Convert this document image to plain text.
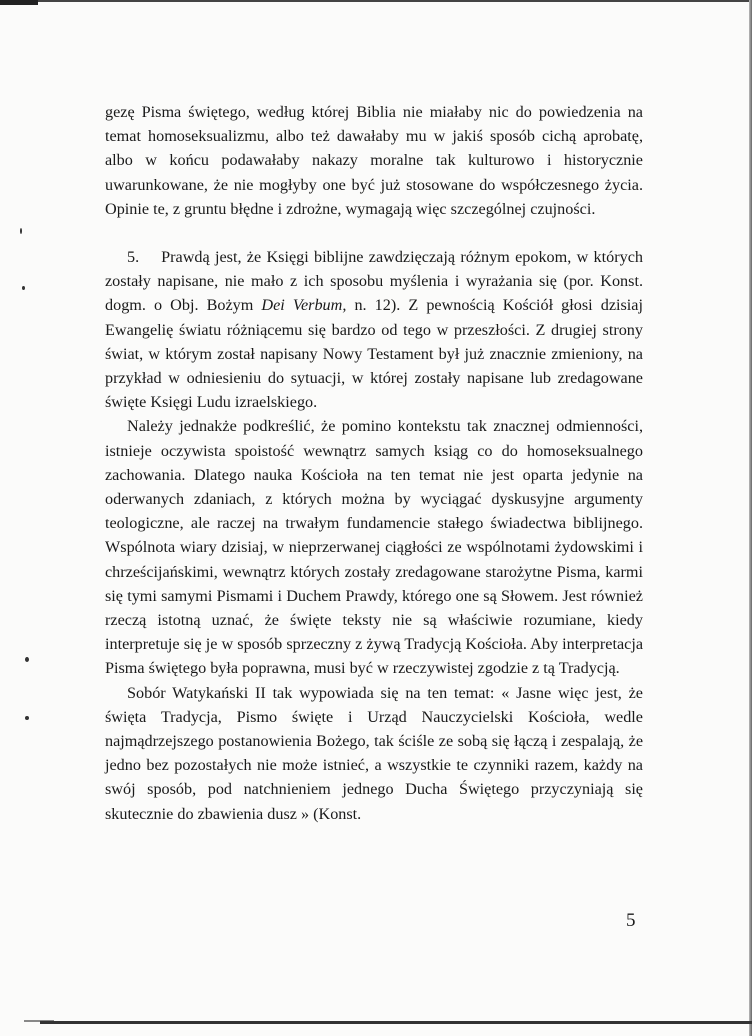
gezę Pisma świętego, według której Biblia nie miałaby nic do powiedzenia na temat homoseksualizmu, albo też dawałaby mu w jakiś sposób cichą aprobatę, albo w końcu podawałaby nakazy moralne tak kulturowo i historycznie uwarunkowane, że nie mogłyby one być już stosowane do współczesnego życia. Opinie te, z gruntu błędne i zdrożne, wymagają więc szczególnej czujności.

5. Prawdą jest, że Księgi biblijne zawdzięczają różnym epokom, w których zostały napisane, nie mało z ich sposobu myślenia i wyrażania się (por. Konst. dogm. o Obj. Bożym Dei Verbum, n. 12). Z pewnością Kościół głosi dzisiaj Ewangelię światu różniącemu się bardzo od tego w przeszłości. Z drugiej strony świat, w którym został napisany Nowy Testament był już znacznie zmieniony, na przykład w odniesieniu do sytuacji, w której zostały napisane lub zredagowane święte Księgi Ludu izraelskiego.

Należy jednakże podkreślić, że pomino kontekstu tak znacznej odmienności, istnieje oczywista spoistość wewnątrz samych ksiąg co do homoseksualnego zachowania. Dlatego nauka Kościoła na ten temat nie jest oparta jedynie na oderwanych zdaniach, z których można by wyciągać dyskusyjne argumenty teologiczne, ale raczej na trwałym fundamencie stałego świadectwa biblijnego. Wspólnota wiary dzisiaj, w nieprzerwanej ciągłości ze wspólnotami żydowskimi i chrześcijańskimi, wewnątrz których zostały zredagowane starożytne Pisma, karmi się tymi samymi Pismami i Duchem Prawdy, którego one są Słowem. Jest również rzeczą istotną uznać, że święte teksty nie są właściwie rozumiane, kiedy interpretuje się je w sposób sprzeczny z żywą Tradycją Kościoła. Aby interpretacja Pisma świętego była poprawna, musi być w rzeczywistej zgodzie z tą Tradycją.

Sobór Watykański II tak wypowiada się na ten temat: « Jasne więc jest, że święta Tradycja, Pismo święte i Urząd Nauczycielski Kościoła, wedle najmądrzejszego postanowienia Bożego, tak ściśle ze sobą się łączą i zespalają, że jedno bez pozostałych nie może istnieć, a wszystkie te czynniki razem, każdy na swój sposób, pod natchnieniem jednego Ducha Świętego przyczyniają się skutecznie do zbawienia dusz » (Konst.

5
